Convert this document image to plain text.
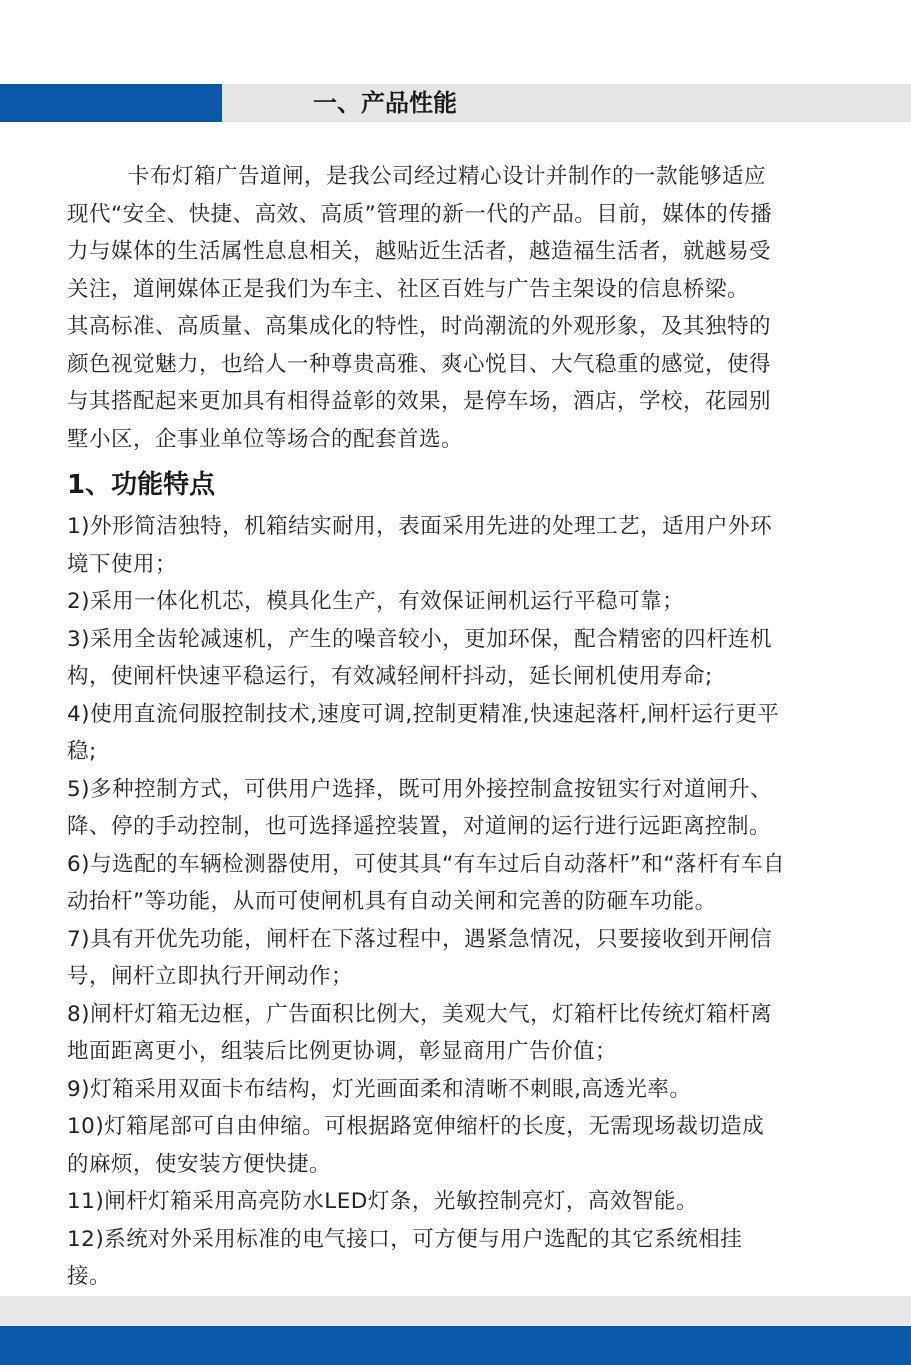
一、产品性能
卡布灯箱广告道闸，是我公司经过精心设计并制作的一款能够适应
现代“安全、快捷、高效、高质”管理的新一代的产品。目前，媒体的传播
力与媒体的生活属性息息相关，越贴近生活者，越造福生活者，就越易受
关注，道闸媒体正是我们为车主、社区百姓与广告主架设的信息桥梁。
其高标准、高质量、高集成化的特性，时尚潮流的外观形象，及其独特的
颜色视觉魅力，也给人一种尊贵高雅、爽心悦目、大气稳重的感觉，使得
与其搭配起来更加具有相得益彰的效果，是停车场，酒店，学校，花园别
墅小区，企事业单位等场合的配套首选。
1、功能特点
1)外形简洁独特，机箱结实耐用，表面采用先进的处理工艺，适用户外环
境下使用；
2)采用一体化机芯，模具化生产，有效保证闸机运行平稳可靠；
3)采用全齿轮减速机，产生的噪音较小，更加环保，配合精密的四杆连机
构，使闸杆快速平稳运行，有效减轻闸杆抖动，延长闸机使用寿命;
4)使用直流伺服控制技术,速度可调,控制更精准,快速起落杆,闸杆运行更平
稳;
5)多种控制方式，可供用户选择，既可用外接控制盒按钮实行对道闸升、
降、停的手动控制，也可选择遥控装置，对道闸的运行进行远距离控制。
6)与选配的车辆检测器使用，可使其具“有车过后自动落杆”和“落杆有车自
动抬杆”等功能，从而可使闸机具有自动关闸和完善的防砸车功能。
7)具有开优先功能，闸杆在下落过程中，遇紧急情况，只要接收到开闸信
号，闸杆立即执行开闸动作；
8)闸杆灯箱无边框，广告面积比例大，美观大气，灯箱杆比传统灯箱杆离
地面距离更小，组装后比例更协调，彰显商用广告价值；
9)灯箱采用双面卡布结构，灯光画面柔和清晰不刺眼,高透光率。
10)灯箱尾部可自由伸缩。可根据路宽伸缩杆的长度，无需现场裁切造成
的麻烦，使安装方便快捷。
11)闸杆灯箱采用高亮防水LED灯条，光敏控制亮灯，高效智能。
12)系统对外采用标准的电气接口，可方便与用户选配的其它系统相挂
接。
